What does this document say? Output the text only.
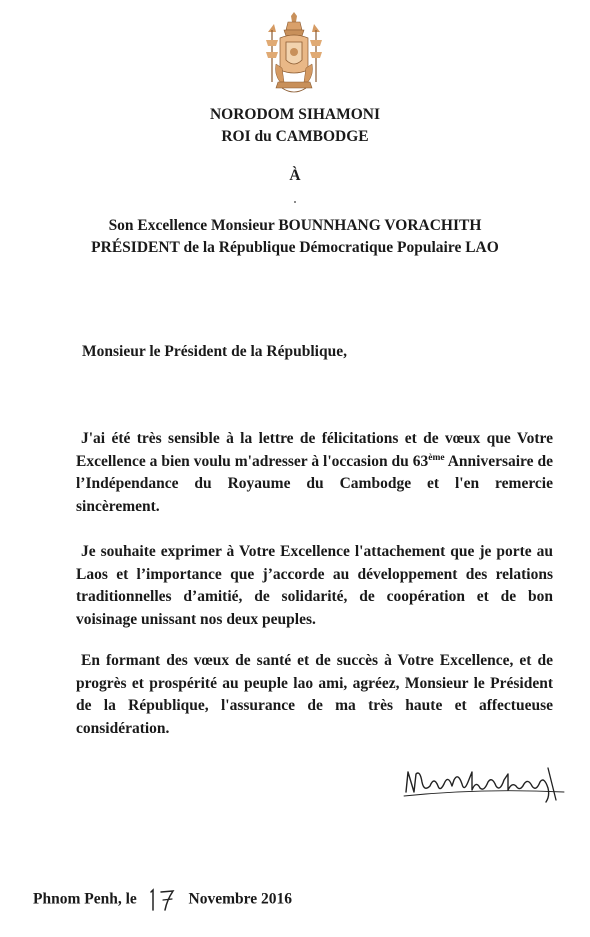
NORODOM SIHAMONI
ROI du CAMBODGE
À
Son Excellence Monsieur BOUNNHANG VORACHITH
PRÉSIDENT de la République Démocratique Populaire LAO
Monsieur le Président de la République,

J'ai été très sensible à la lettre de félicitations et de vœux que Votre Excellence a bien voulu m'adresser à l'occasion du 63ème Anniversaire de l’Indépendance du Royaume du Cambodge et l'en remercie sincèrement.

Je souhaite exprimer à Votre Excellence l'attachement que je porte au Laos et l’importance que j’accorde au développement des relations traditionnelles d’amitié, de solidarité, de coopération et de bon voisinage unissant nos deux peuples.

En formant des vœux de santé et de succès à Votre Excellence, et de progrès et prospérité au peuple lao ami, agréez, Monsieur le Président de la République, l'assurance de ma très haute et affectueuse considération.

Phnom Penh, le	Novembre 2016
